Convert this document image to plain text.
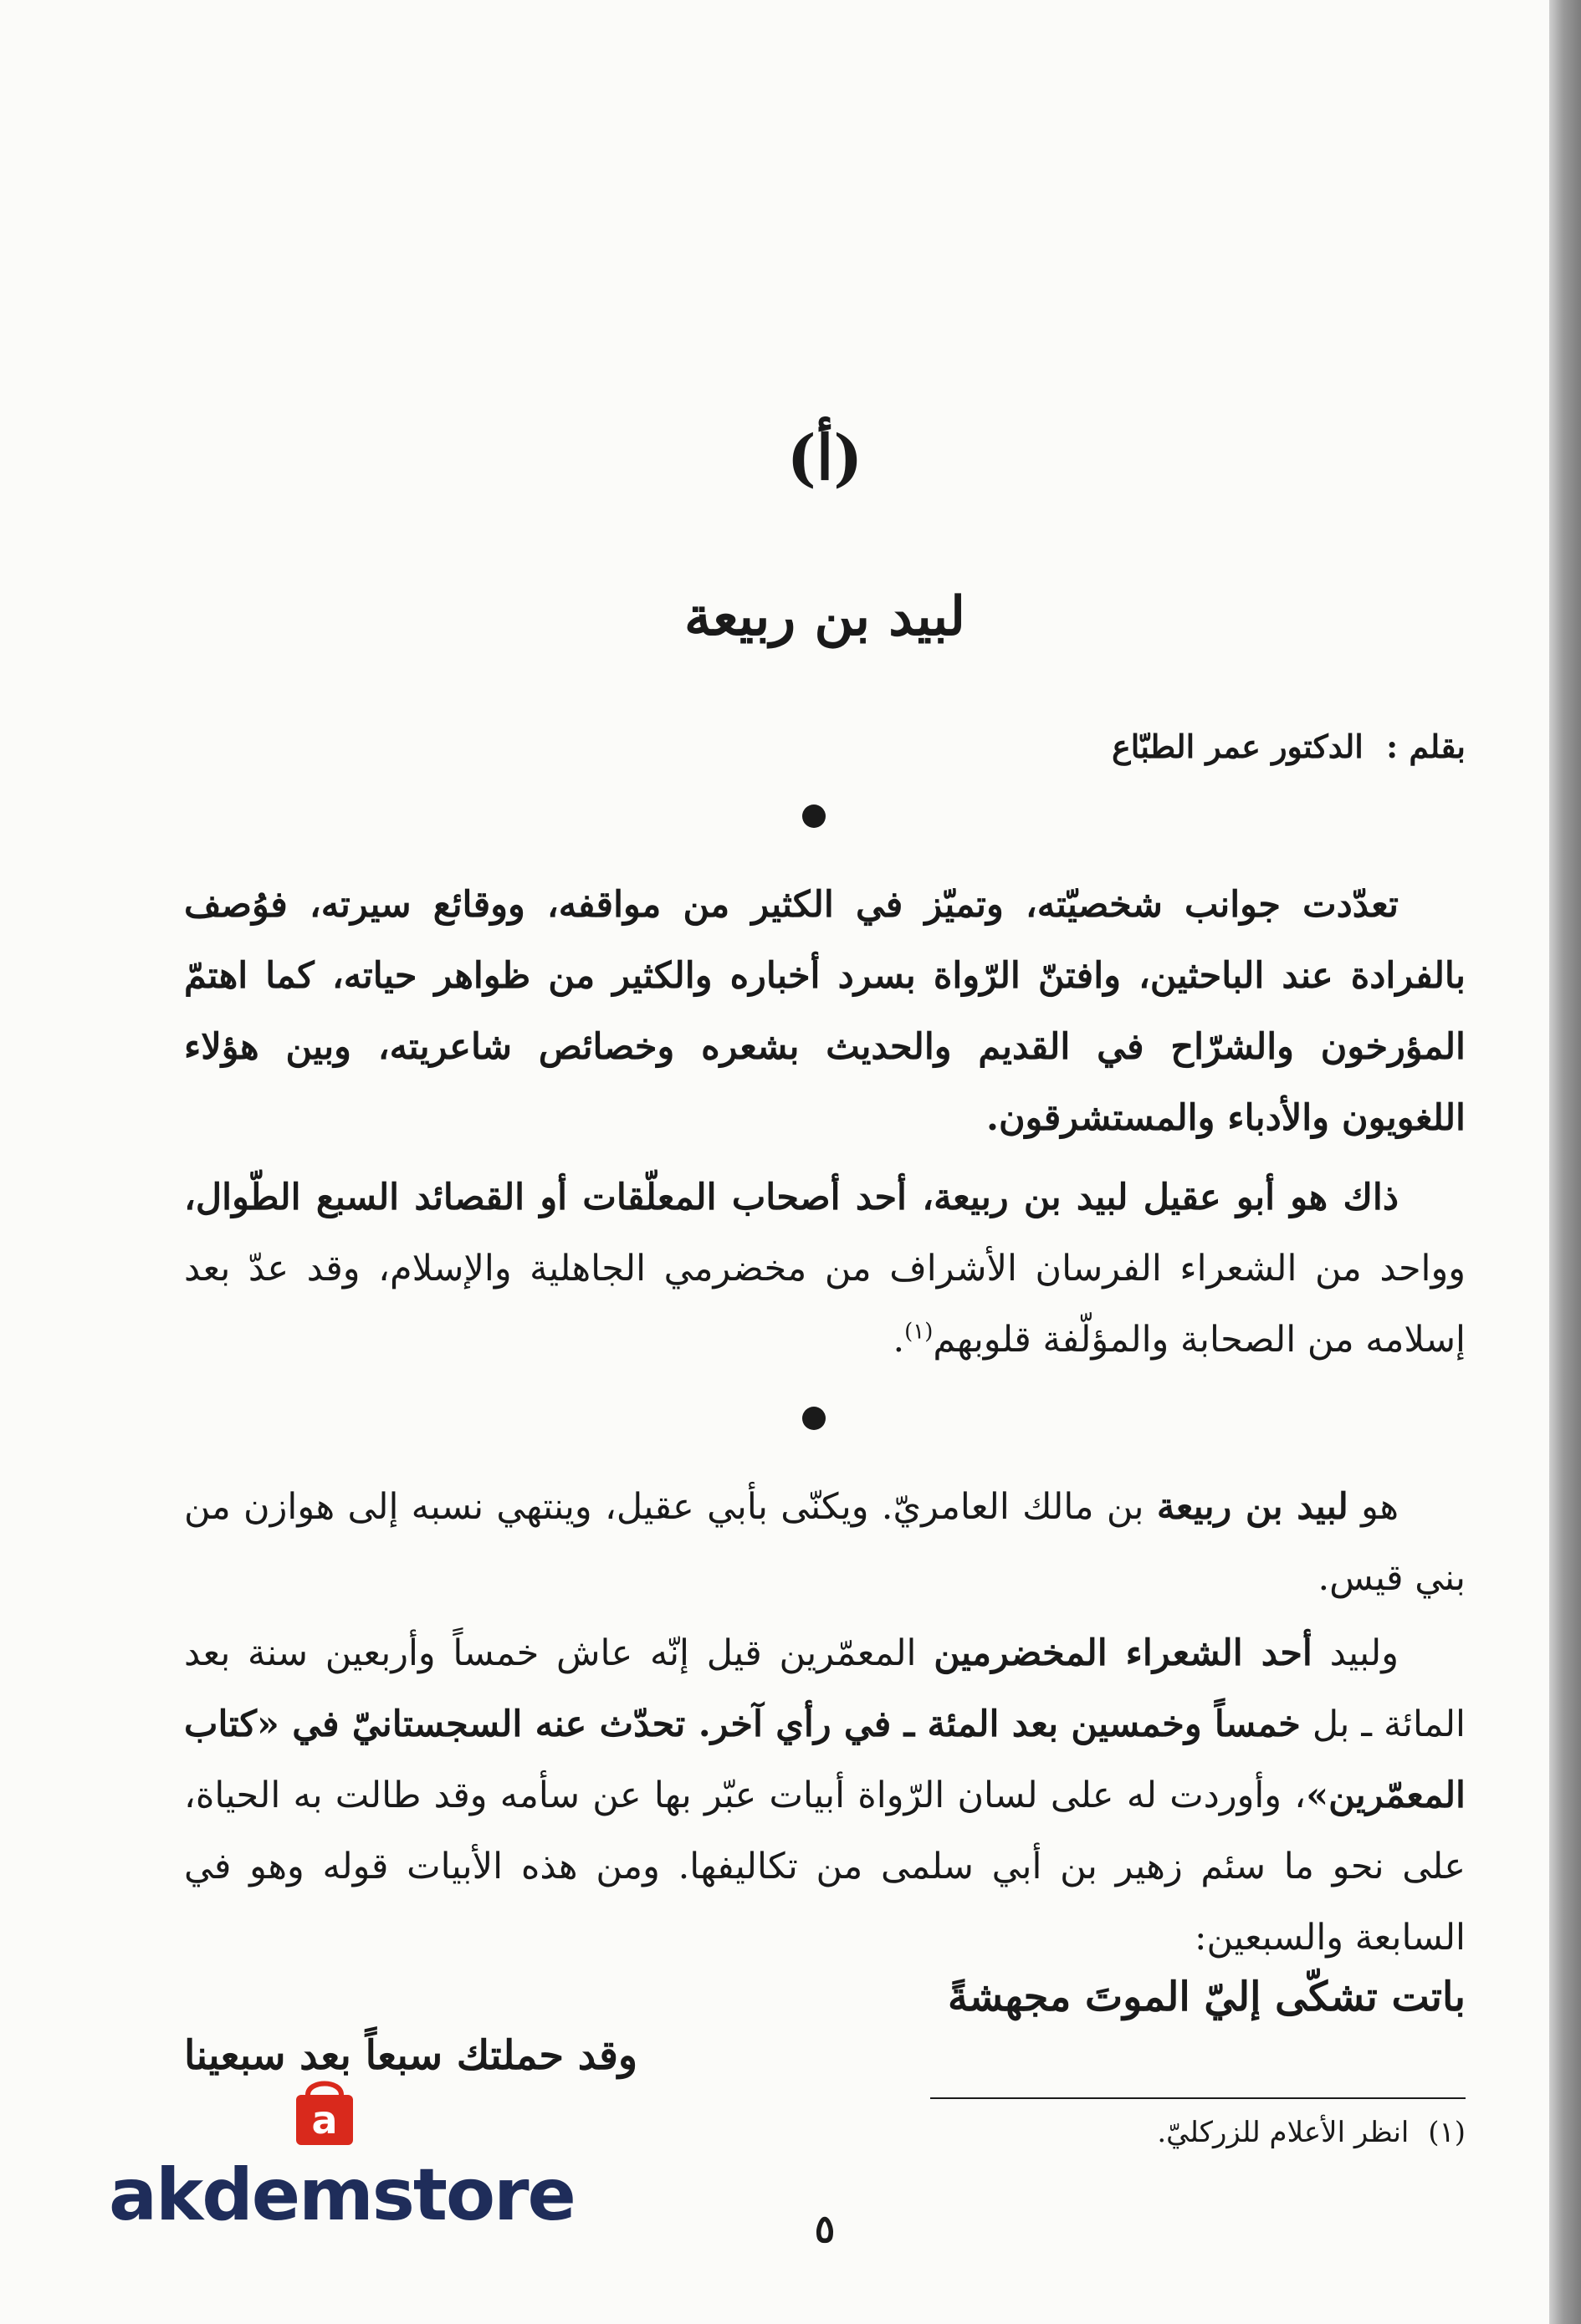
(أ)
لبيد بن ربيعة
بقلم : الدكتور عمر الطبّاع

تعدّدت جوانب شخصيّته، وتميّز في الكثير من مواقفه، ووقائع سيرته، فوُصف بالفرادة عند الباحثين، وافتنّ الرّواة بسرد أخباره والكثير من ظواهر حياته، كما اهتمّ المؤرخون والشرّاح في القديم والحديث بشعره وخصائص شاعريته، وبين هؤلاء اللغويون والأدباء والمستشرقون.

ذاك هو أبو عقيل لبيد بن ربيعة، أحد أصحاب المعلّقات أو القصائد السبع الطّوال، وواحد من الشعراء الفرسان الأشراف من مخضرمي الجاهلية والإسلام، وقد عدّ بعد إسلامه من الصحابة والمؤلّفة قلوبهم$^{(١)}$.

هو لبيد بن ربيعة بن مالك العامريّ. ويكنّى بأبي عقيل، وينتهي نسبه إلى هوازن من بني قيس.

ولبيد أحد الشعراء المخضرمين المعمّرين قيل إنّه عاش خمساً وأربعين سنة بعد المائة ـ بل خمساً وخمسين بعد المئة ـ في رأي آخر. تحدّث عنه السجستانيّ في «كتاب المعمّرين»، وأوردت له على لسان الرّواة أبيات عبّر بها عن سأمه وقد طالت به الحياة، على نحو ما سئم زهير بن أبي سلمى من تكاليفها. ومن هذه الأبيات قوله وهو في السابعة والسبعين:

باتت تشكّى إليّ الموتَ مجهشةً
وقد حملتك سبعاً بعد سبعينا
(١) انظر الأعلام للزركليّ.
٥
a
akdemstore
